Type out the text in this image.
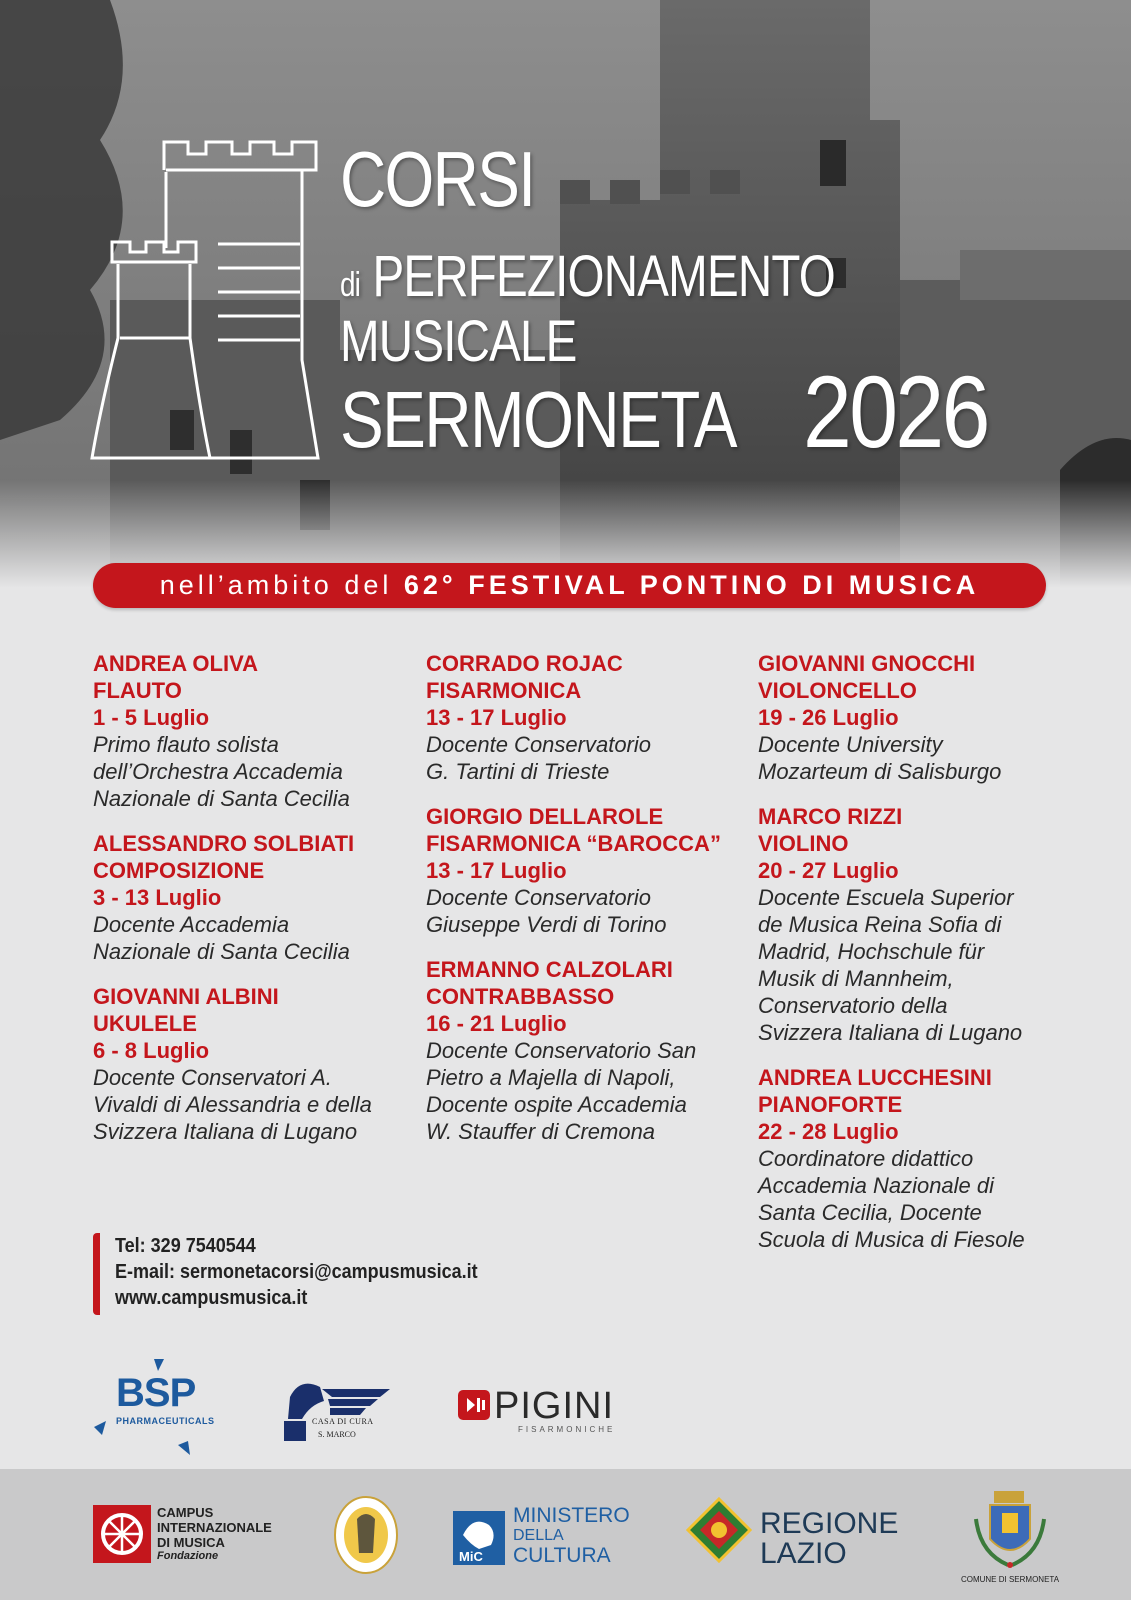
CORSI
di PERFEZIONAMENTO
MUSICALE
SERMONETA 2026
nell’ambito del 62° FESTIVAL PONTINO DI MUSICA
ANDREA OLIVA
FLAUTO
1 - 5 Luglio
Primo flauto solista
dell’Orchestra Accademia
Nazionale di Santa Cecilia
ALESSANDRO SOLBIATI
COMPOSIZIONE
3 - 13 Luglio
Docente Accademia
Nazionale di Santa Cecilia
GIOVANNI ALBINI
UKULELE
6 - 8 Luglio
Docente Conservatori A.
Vivaldi di Alessandria e della
Svizzera Italiana di Lugano
CORRADO ROJAC
FISARMONICA
13 - 17 Luglio
Docente Conservatorio
G. Tartini di Trieste
GIORGIO DELLAROLE
FISARMONICA “BAROCCA”
13 - 17 Luglio
Docente Conservatorio
Giuseppe Verdi di Torino
ERMANNO CALZOLARI
CONTRABBASSO
16 - 21 Luglio
Docente Conservatorio San
Pietro a Majella di Napoli,
Docente ospite Accademia
W. Stauffer di Cremona
GIOVANNI GNOCCHI
VIOLONCELLO
19 - 26 Luglio
Docente University
Mozarteum di Salisburgo
MARCO RIZZI
VIOLINO
20 - 27 Luglio
Docente Escuela Superior
de Musica Reina Sofia di
Madrid, Hochschule für
Musik di Mannheim,
Conservatorio della
Svizzera Italiana di Lugano
ANDREA LUCCHESINI
PIANOFORTE
22 - 28 Luglio
Coordinatore didattico
Accademia Nazionale di
Santa Cecilia, Docente
Scuola di Musica di Fiesole
Tel: 329 7540544
E-mail: sermonetacorsi@campusmusica.it
www.campusmusica.it
BSP
PHARMACEUTICALS	CASA DI CURA
S. MARCO
PIGINI
FISARMONICHE
CAMPUS
INTERNAZIONALE
DI MUSICA
Fondazione	MiC
MINISTERO
DELLA
CULTURA
REGIONE
LAZIO
COMUNE DI SERMONETA
